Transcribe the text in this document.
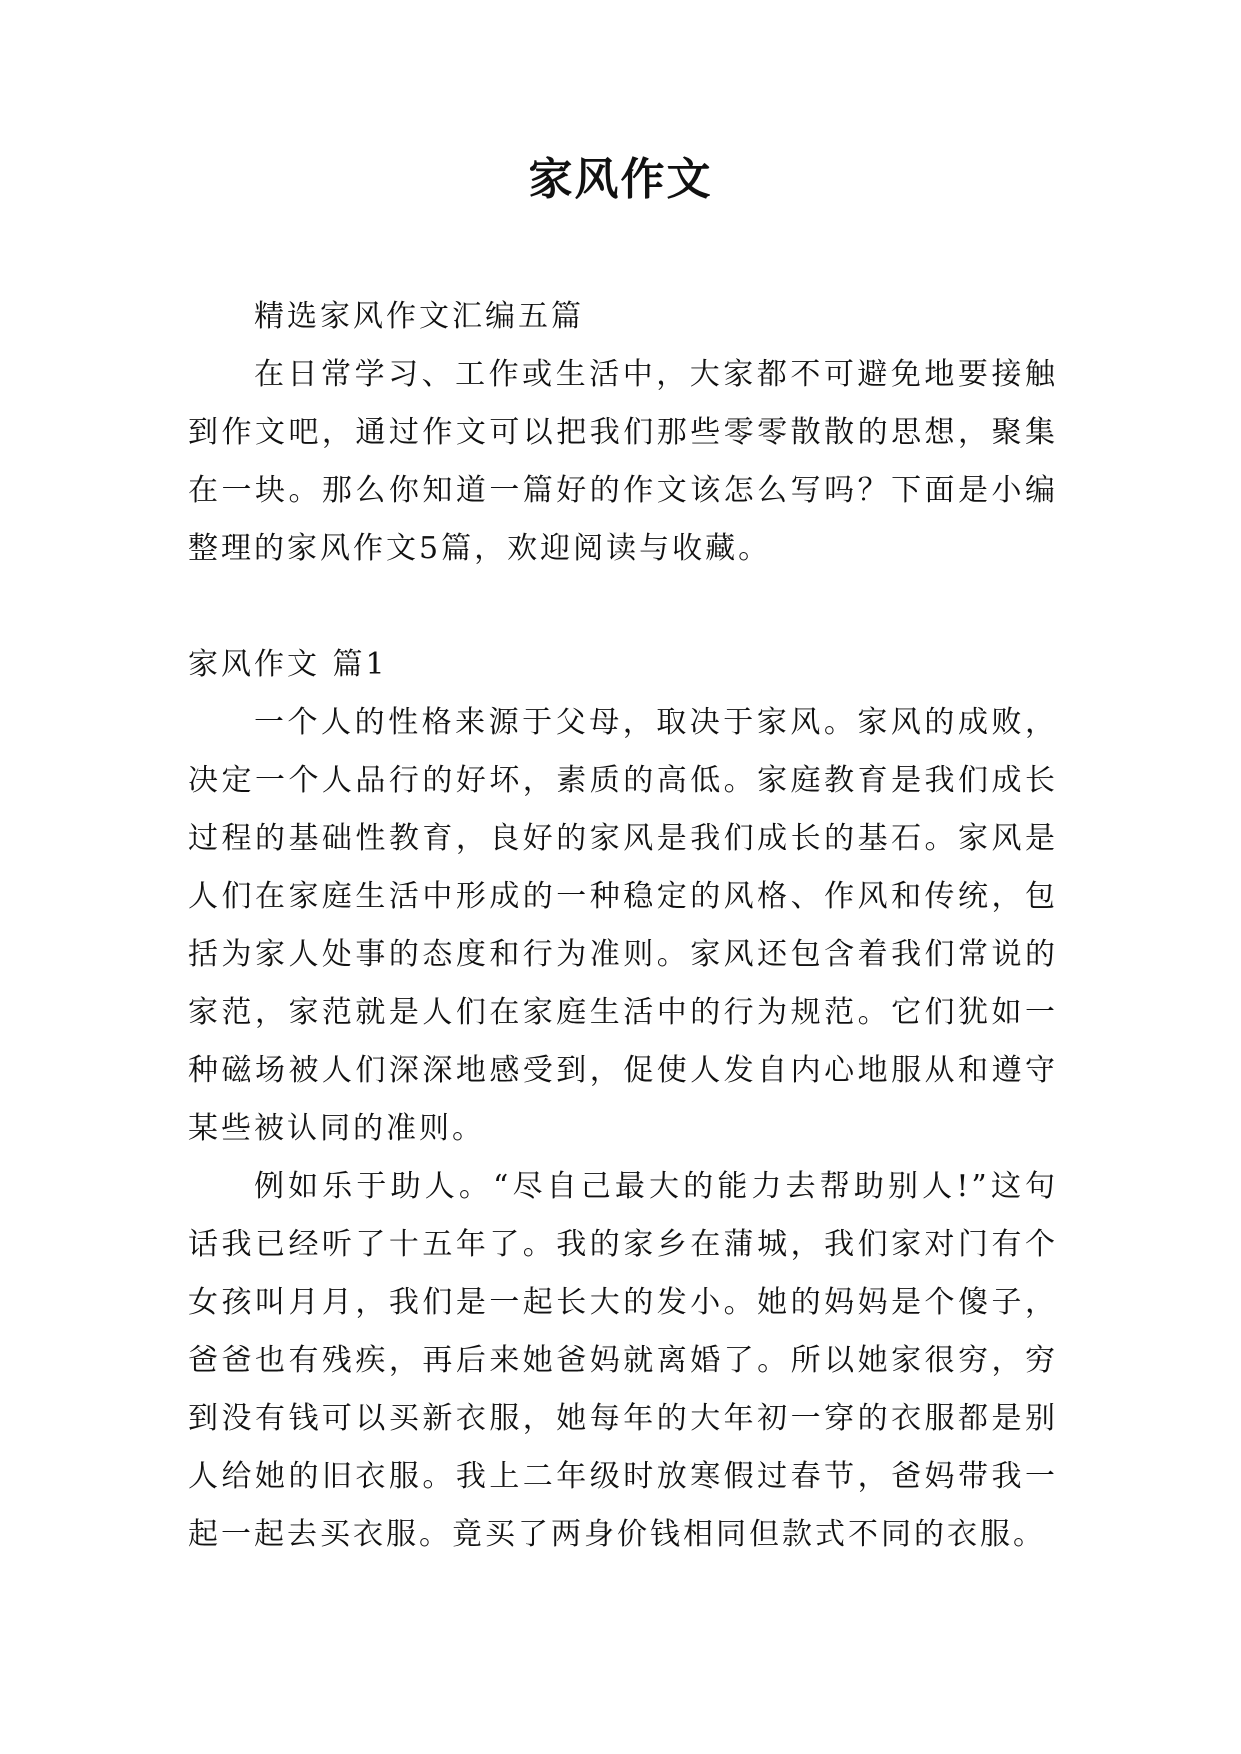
家风作文

精选家风作文汇编五篇

在日常学习、工作或生活中，大家都不可避免地要接触到作文吧，通过作文可以把我们那些零零散散的思想，聚集在一块。那么你知道一篇好的作文该怎么写吗？下面是小编整理的家风作文5篇，欢迎阅读与收藏。

家风作文 篇1

一个人的性格来源于父母，取决于家风。家风的成败，决定一个人品行的好坏，素质的高低。家庭教育是我们成长过程的基础性教育，良好的家风是我们成长的基石。家风是人们在家庭生活中形成的一种稳定的风格、作风和传统，包括为家人处事的态度和行为准则。家风还包含着我们常说的家范，家范就是人们在家庭生活中的行为规范。它们犹如一种磁场被人们深深地感受到，促使人发自内心地服从和遵守某些被认同的准则。

例如乐于助人。“尽自己最大的能力去帮助别人!”这句话我已经听了十五年了。我的家乡在蒲城，我们家对门有个女孩叫月月，我们是一起长大的发小。她的妈妈是个傻子，爸爸也有残疾，再后来她爸妈就离婚了。所以她家很穷，穷到没有钱可以买新衣服，她每年的大年初一穿的衣服都是别人给她的旧衣服。我上二年级时放寒假过春节，爸妈带我一起一起去买衣服。竟买了两身价钱相同但款式不同的衣服。
